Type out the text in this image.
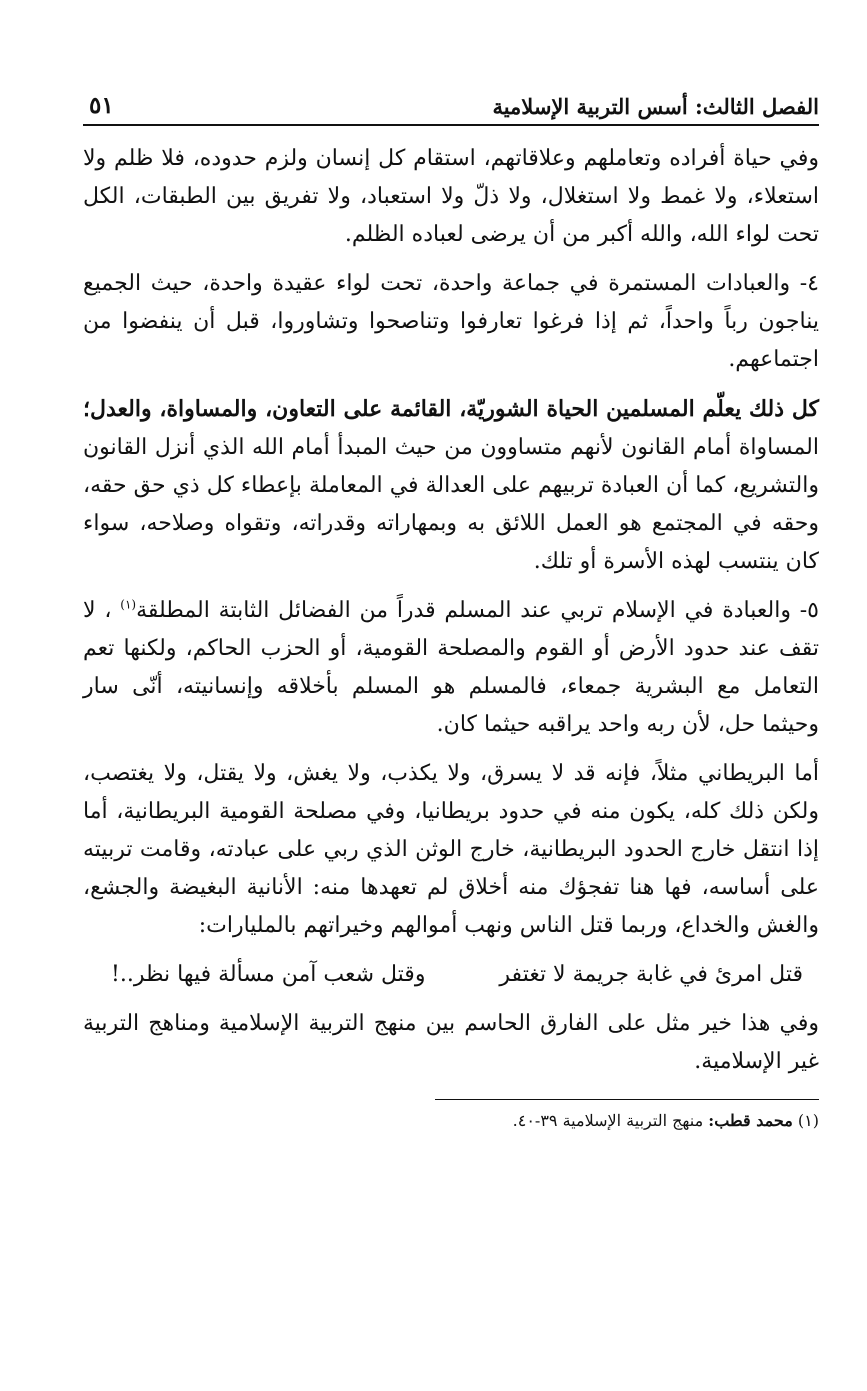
الفصل الثالث: أسس التربية الإسلامية
٥١

وفي حياة أفراده وتعاملهم وعلاقاتهم، استقام كل إنسان ولزم حدوده، فلا ظلم ولا استعلاء، ولا غمط ولا استغلال، ولا ذلّ ولا استعباد، ولا تفريق بين الطبقات، الكل تحت لواء الله، والله أكبر من أن يرضى لعباده الظلم.

٤- والعبادات المستمرة في جماعة واحدة، تحت لواء عقيدة واحدة، حيث الجميع يناجون رباً واحداً، ثم إذا فرغوا تعارفوا وتناصحوا وتشاوروا، قبل أن ينفضوا من اجتماعهم.

كل ذلك يعلّم المسلمين الحياة الشوريّة، القائمة على التعاون، والمساواة، والعدل؛ المساواة أمام القانون لأنهم متساوون من حيث المبدأ أمام الله الذي أنزل القانون والتشريع، كما أن العبادة تربيهم على العدالة في المعاملة بإعطاء كل ذي حق حقه، وحقه في المجتمع هو العمل اللائق به وبمهاراته وقدراته، وتقواه وصلاحه، سواء كان ينتسب لهذه الأسرة أو تلك.

٥- والعبادة في الإسلام تربي عند المسلم قدراً من الفضائل الثابتة المطلقة$^{(١)}$ ، لا تقف عند حدود الأرض أو القوم والمصلحة القومية، أو الحزب الحاكم، ولكنها تعم التعامل مع البشرية جمعاء، فالمسلم هو المسلم بأخلاقه وإنسانيته، أنّى سار وحيثما حل، لأن ربه واحد يراقبه حيثما كان.

أما البريطاني مثلاً، فإنه قد لا يسرق، ولا يكذب، ولا يغش، ولا يقتل، ولا يغتصب، ولكن ذلك كله، يكون منه في حدود بريطانيا، وفي مصلحة القومية البريطانية، أما إذا انتقل خارج الحدود البريطانية، خارج الوثن الذي ربي على عبادته، وقامت تربيته على أساسه، فها هنا تفجؤك منه أخلاق لم تعهدها منه: الأنانية البغيضة والجشع، والغش والخداع، وربما قتل الناس ونهب أموالهم وخيراتهم بالمليارات:

قتل امرئ في غابة جريمة لا تغتفر
وقتل شعب آمن مسألة فيها نظر..!

وفي هذا خير مثل على الفارق الحاسم بين منهج التربية الإسلامية ومناهج التربية غير الإسلامية.

(١) محمد قطب: منهج التربية الإسلامية ٣٩-٤٠.
